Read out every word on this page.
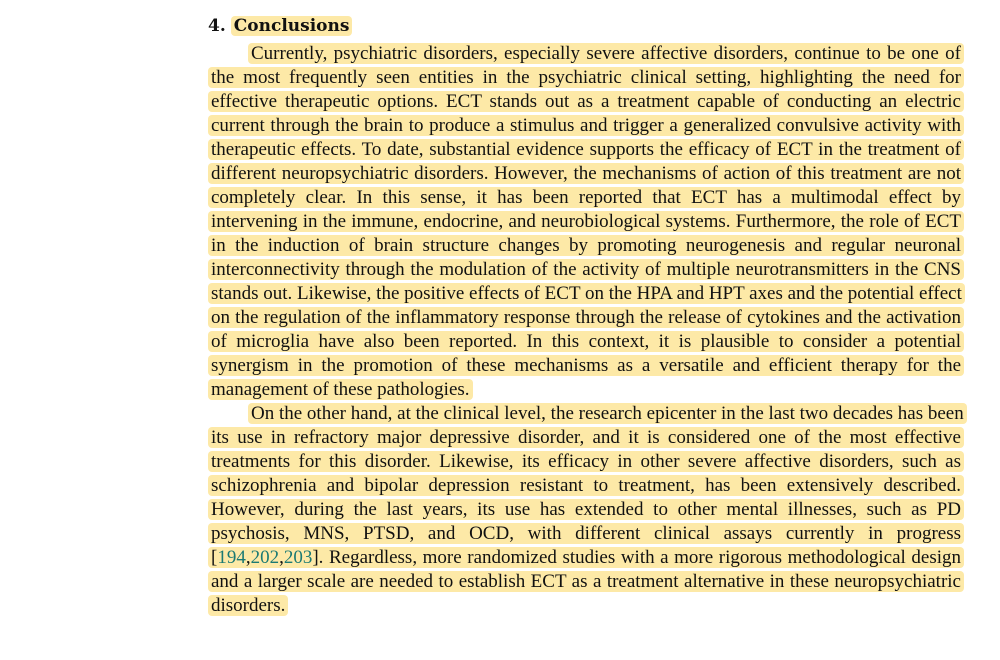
4. Conclusions

Currently, psychiatric disorders, especially severe affective disorders, continue to be one of the most frequently seen entities in the psychiatric clinical setting, highlighting the need for effective therapeutic options. ECT stands out as a treatment capable of conducting an electric current through the brain to produce a stimulus and trigger a generalized convulsive activity with therapeutic effects. To date, substantial evidence supports the efficacy of ECT in the treatment of different neuropsychiatric disorders. However, the mechanisms of action of this treatment are not completely clear. In this sense, it has been reported that ECT has a multimodal effect by intervening in the immune, endocrine, and neurobiological systems. Furthermore, the role of ECT in the induction of brain structure changes by promoting neurogenesis and regular neuronal interconnectivity through the modulation of the activity of multiple neurotransmitters in the CNS stands out. Likewise, the positive effects of ECT on the HPA and HPT axes and the potential effect on the regulation of the inflammatory response through the release of cytokines and the activation of microglia have also been reported. In this context, it is plausible to consider a potential synergism in the promotion of these mechanisms as a versatile and efficient therapy for the management of these pathologies.

On the other hand, at the clinical level, the research epicenter in the last two decades has been its use in refractory major depressive disorder, and it is considered one of the most effective treatments for this disorder. Likewise, its efficacy in other severe affective disorders, such as schizophrenia and bipolar depression resistant to treatment, has been extensively described. However, during the last years, its use has extended to other mental illnesses, such as PD psychosis, MNS, PTSD, and OCD, with different clinical assays currently in progress [194,202,203]. Regardless, more randomized studies with a more rigorous methodological design and a larger scale are needed to establish ECT as a treatment alternative in these neuropsychiatric disorders.
